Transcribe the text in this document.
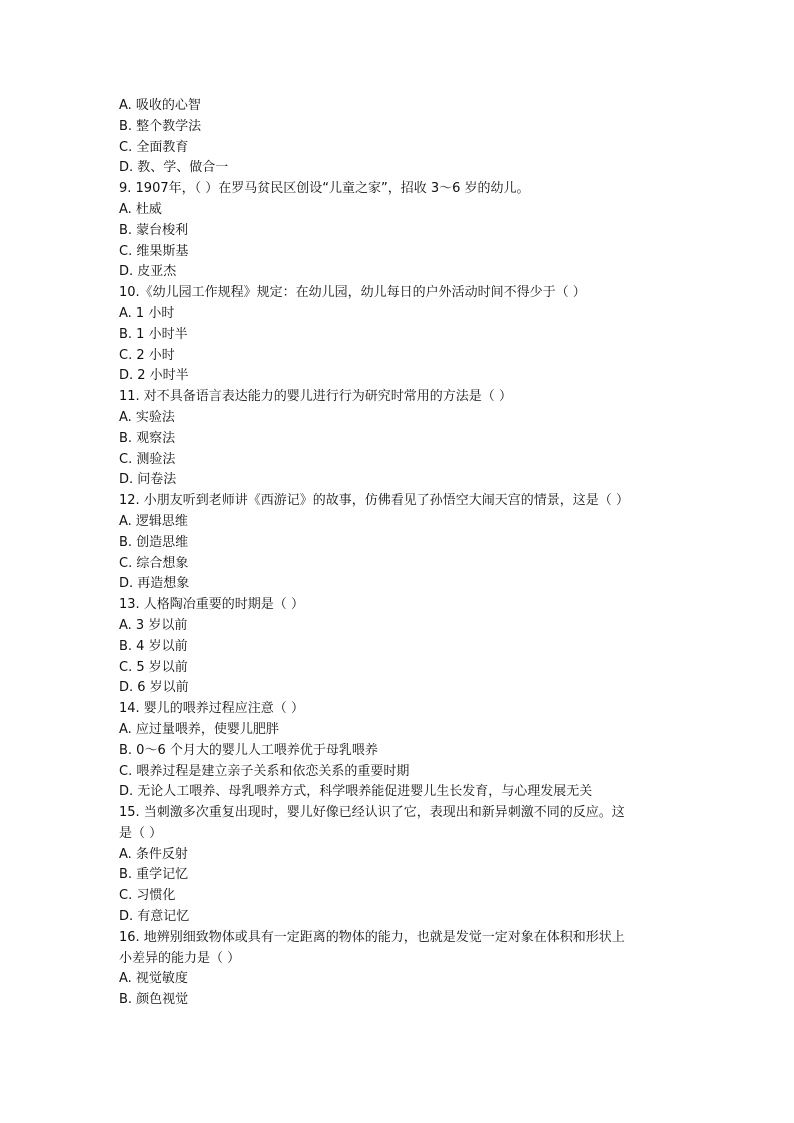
A. 吸收的心智
B. 整个教学法
C. 全面教育
D. 教、学、做合一
9. 1907年，（ ）在罗马贫民区创设“儿童之家”，招收 3～6 岁的幼儿。
A. 杜威
B. 蒙台梭利
C. 维果斯基
D. 皮亚杰
10.《幼儿园工作规程》规定：在幼儿园，幼儿每日的户外活动时间不得少于（ ）
A. 1 小时
B. 1 小时半
C. 2 小时
D. 2 小时半
11. 对不具备语言表达能力的婴儿进行行为研究时常用的方法是（ ）
A. 实验法
B. 观察法
C. 测验法
D. 问卷法
12. 小朋友听到老师讲《西游记》的故事，仿佛看见了孙悟空大闹天宫的情景，这是（ ）
A. 逻辑思维
B. 创造思维
C. 综合想象
D. 再造想象
13. 人格陶冶重要的时期是（ ）
A. 3 岁以前
B. 4 岁以前
C. 5 岁以前
D. 6 岁以前
14. 婴儿的喂养过程应注意（ ）
A. 应过量喂养，使婴儿肥胖
B. 0～6 个月大的婴儿人工喂养优于母乳喂养
C. 喂养过程是建立亲子关系和依恋关系的重要时期
D. 无论人工喂养、母乳喂养方式，科学喂养能促进婴儿生长发育，与心理发展无关
15. 当刺激多次重复出现时，婴儿好像已经认识了它，表现出和新异刺激不同的反应。这
是（ ）
A. 条件反射
B. 重学记忆
C. 习惯化
D. 有意记忆
16. 地辨别细致物体或具有一定距离的物体的能力，也就是发觉一定对象在体积和形状上
小差异的能力是（ ）
A. 视觉敏度
B. 颜色视觉
